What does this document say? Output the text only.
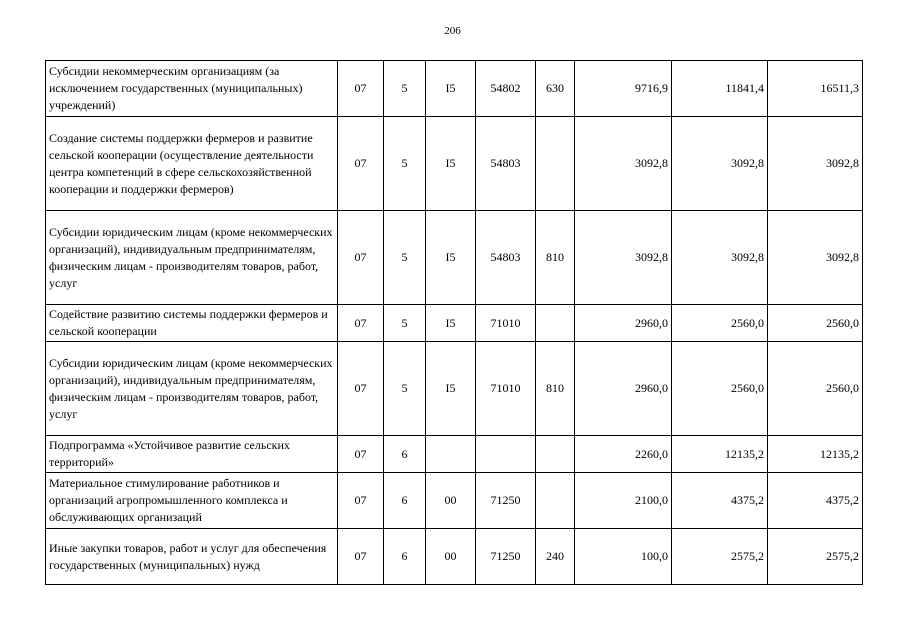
206
Субсидии некоммерческим организациям (за исключением государственных (муниципальных) учреждений)	07	5	I5	54802	630	9716,9	11841,4	16511,3
Создание системы поддержки фермеров и развитие сельской кооперации (осуществление деятельности центра компетенций в сфере сельскохозяйственной кооперации и поддержки фермеров)	07	5	I5	54803		3092,8	3092,8	3092,8
Субсидии юридическим лицам (кроме некоммерческих организаций), индивидуальным предпринимателям, физическим лицам - производителям товаров, работ, услуг	07	5	I5	54803	810	3092,8	3092,8	3092,8
Содействие развитию системы поддержки фермеров и сельской кооперации	07	5	I5	71010		2960,0	2560,0	2560,0
Субсидии юридическим лицам (кроме некоммерческих организаций), индивидуальным предпринимателям, физическим лицам - производителям товаров, работ, услуг	07	5	I5	71010	810	2960,0	2560,0	2560,0
Подпрограмма «Устойчивое развитие сельских территорий»	07	6				2260,0	12135,2	12135,2
Материальное стимулирование работников и организаций агропромышленного комплекса и обслуживающих организаций	07	6	00	71250		2100,0	4375,2	4375,2
Иные закупки товаров, работ и услуг для обеспечения государственных (муниципальных) нужд	07	6	00	71250	240	100,0	2575,2	2575,2
